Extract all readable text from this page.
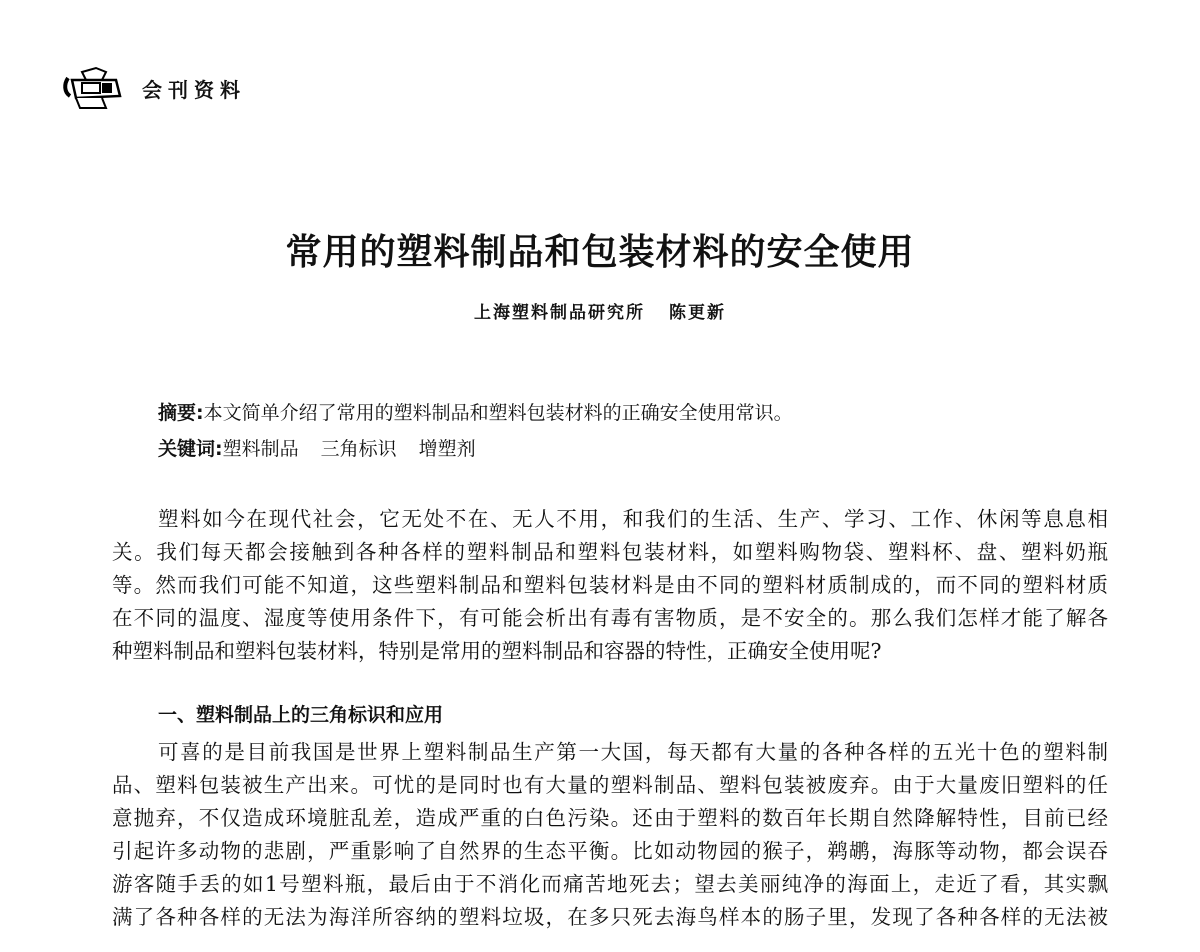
会刊资料
常用的塑料制品和包装材料的安全使用
上海塑料制品研究所 陈更新
摘要:本文简单介绍了常用的塑料制品和塑料包装材料的正确安全使用常识。
关键词:塑料制品 三角标识 增塑剂
塑料如今在现代社会，它无处不在、无人不用，和我们的生活、生产、学习、工作、休闲等息息相
关。我们每天都会接触到各种各样的塑料制品和塑料包装材料，如塑料购物袋、塑料杯、盘、塑料奶瓶
等。然而我们可能不知道，这些塑料制品和塑料包装材料是由不同的塑料材质制成的，而不同的塑料材质
在不同的温度、湿度等使用条件下，有可能会析出有毒有害物质，是不安全的。那么我们怎样才能了解各
种塑料制品和塑料包装材料，特别是常用的塑料制品和容器的特性，正确安全使用呢?
一、塑料制品上的三角标识和应用
可喜的是目前我国是世界上塑料制品生产第一大国，每天都有大量的各种各样的五光十色的塑料制
品、塑料包装被生产出来。可忧的是同时也有大量的塑料制品、塑料包装被废弃。由于大量废旧塑料的任
意抛弃，不仅造成环境脏乱差，造成严重的白色污染。还由于塑料的数百年长期自然降解特性，目前已经
引起许多动物的悲剧，严重影响了自然界的生态平衡。比如动物园的猴子，鹈鹕，海豚等动物，都会误吞
游客随手丢的如1号塑料瓶，最后由于不消化而痛苦地死去；望去美丽纯净的海面上，走近了看，其实飘
满了各种各样的无法为海洋所容纳的塑料垃圾，在多只死去海鸟样本的肠子里，发现了各种各样的无法被
